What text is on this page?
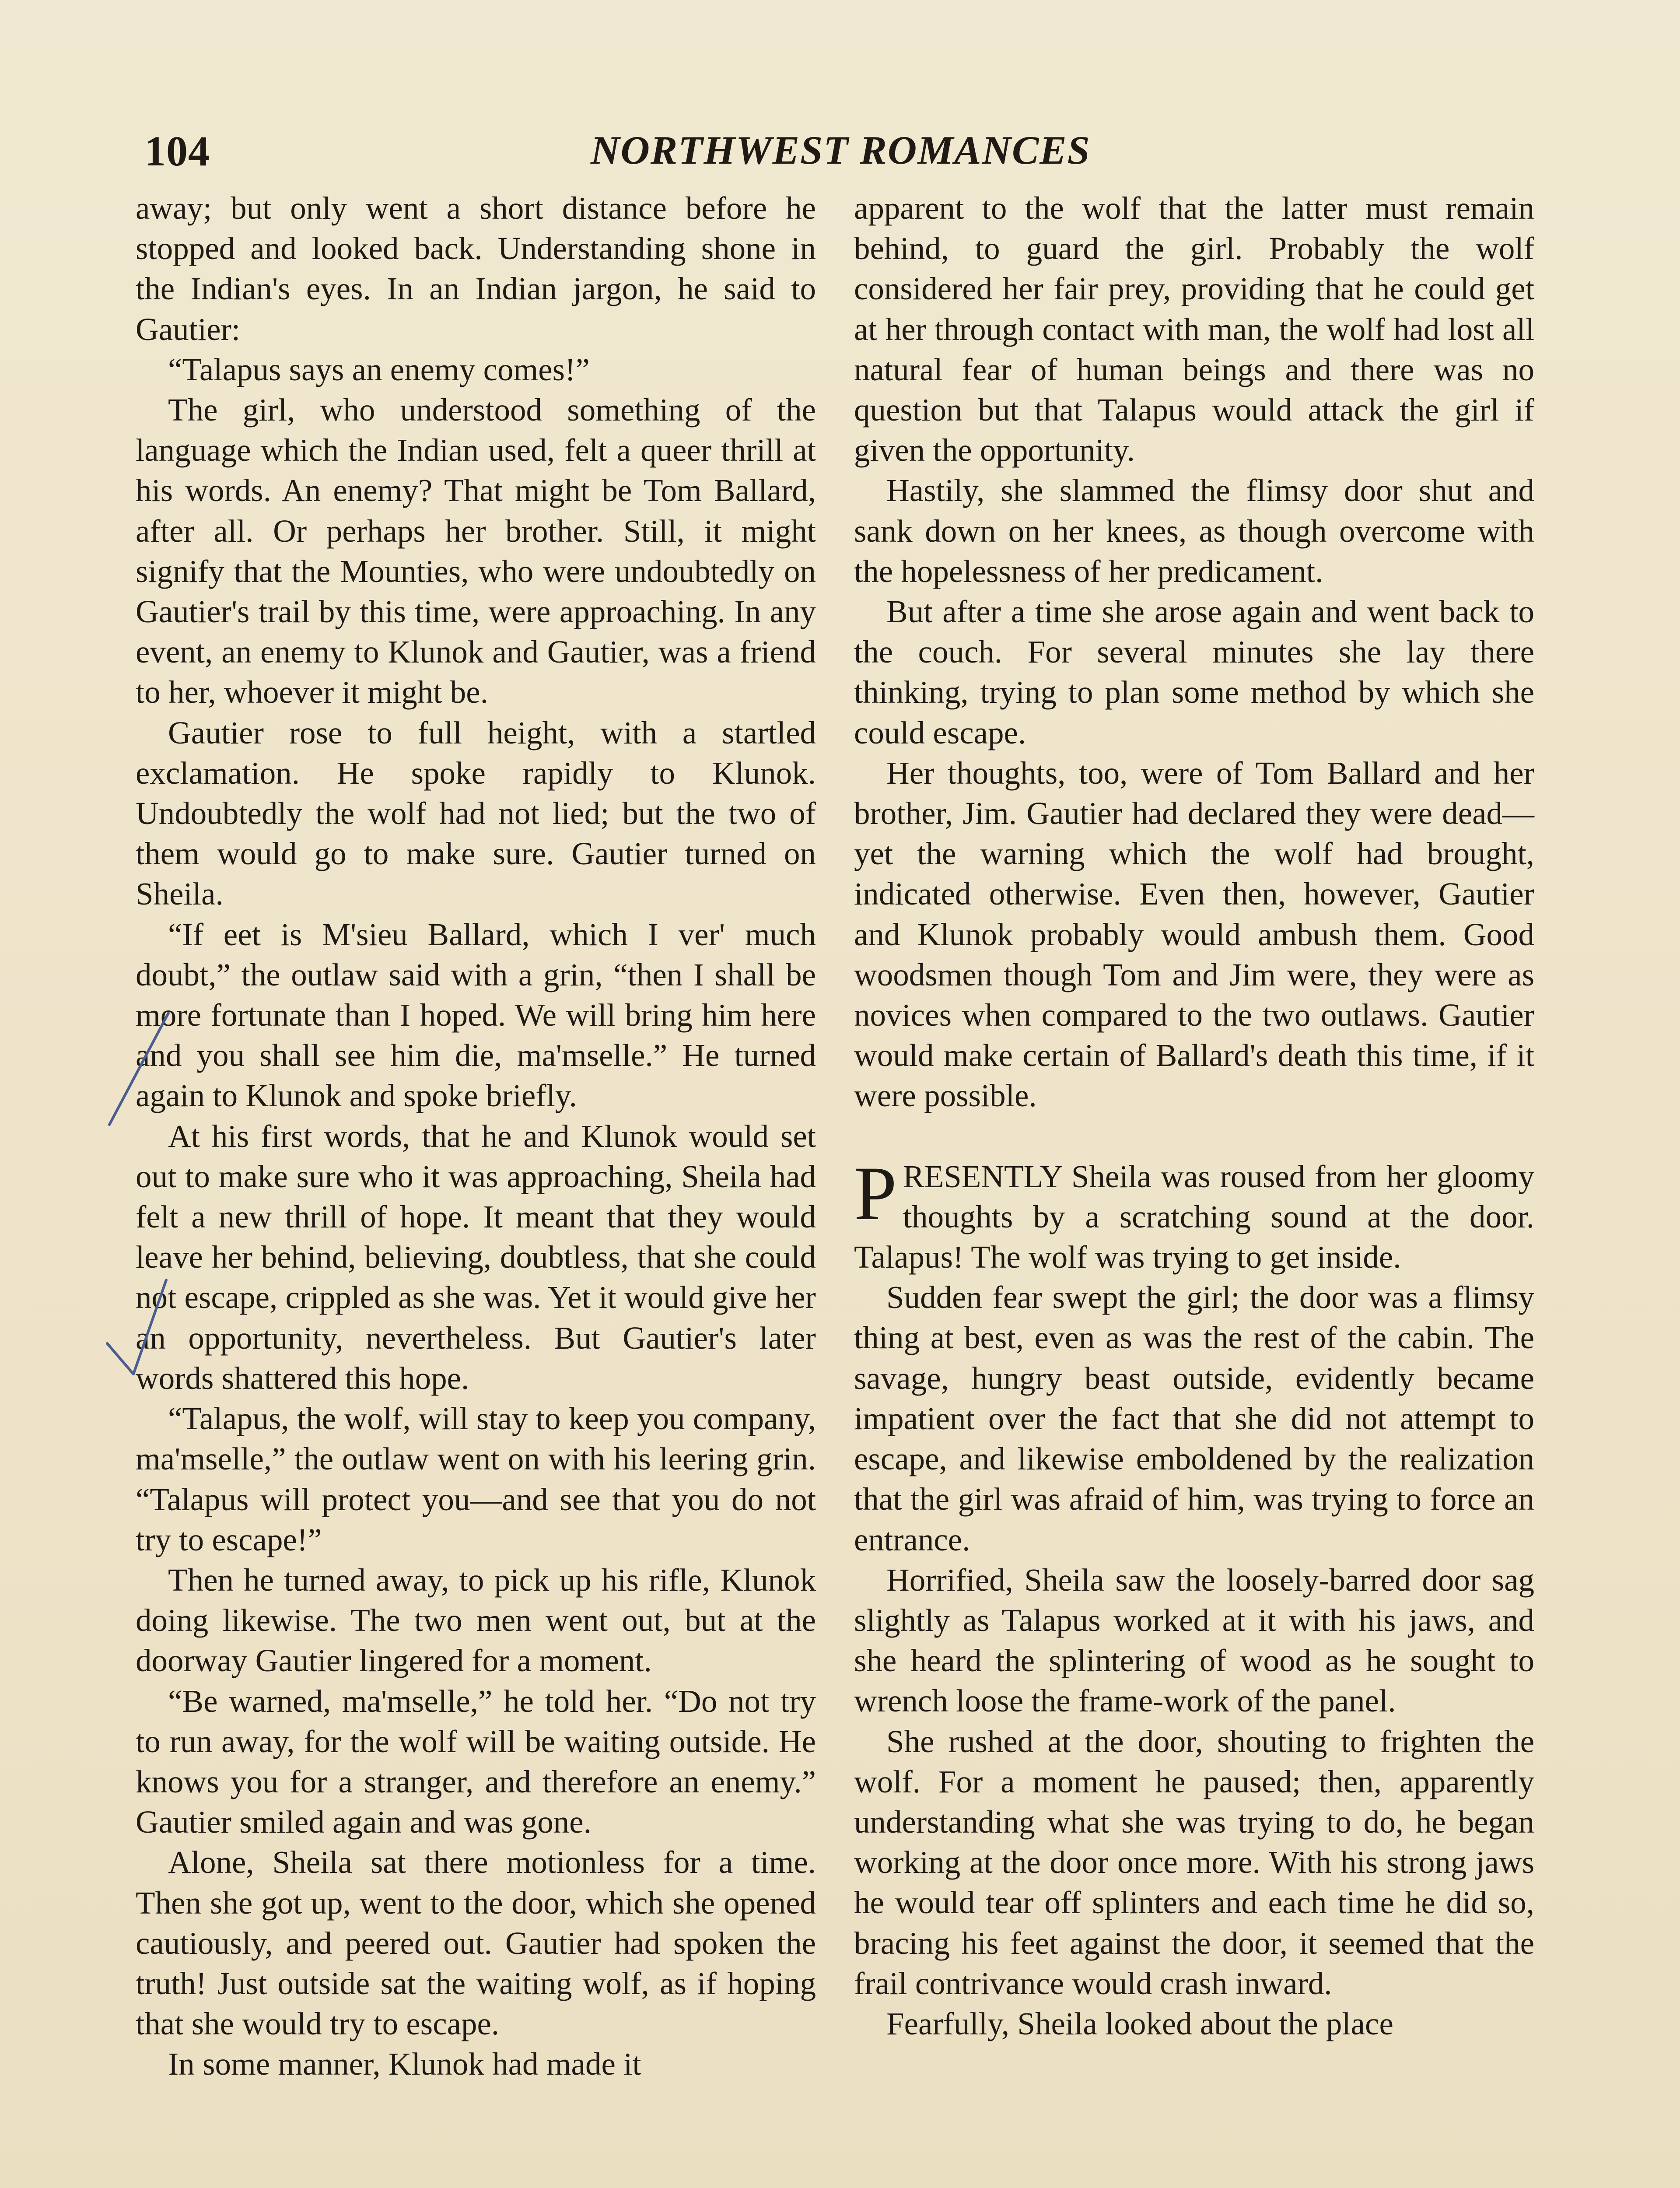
104	NORTHWEST ROMANCES

away; but only went a short distance before he stopped and looked back. Understanding shone in the Indian's eyes. In an Indian jargon, he said to Gautier:

“Talapus says an enemy comes!”

The girl, who understood something of the language which the Indian used, felt a queer thrill at his words. An enemy? That might be Tom Ballard, after all. Or perhaps her brother. Still, it might signify that the Mounties, who were undoubtedly on Gautier's trail by this time, were approaching. In any event, an enemy to Klunok and Gautier, was a friend to her, whoever it might be.

Gautier rose to full height, with a startled exclamation. He spoke rapidly to Klunok. Undoubtedly the wolf had not lied; but the two of them would go to make sure. Gautier turned on Sheila.

“If eet is M'sieu Ballard, which I ver' much doubt,” the outlaw said with a grin, “then I shall be more fortunate than I hoped. We will bring him here and you shall see him die, ma'mselle.” He turned again to Klunok and spoke briefly.

At his first words, that he and Klunok would set out to make sure who it was approaching, Sheila had felt a new thrill of hope. It meant that they would leave her behind, believing, doubtless, that she could not escape, crippled as she was. Yet it would give her an opportunity, nevertheless. But Gautier's later words shattered this hope.

“Talapus, the wolf, will stay to keep you company, ma'mselle,” the outlaw went on with his leering grin. “Talapus will protect you—and see that you do not try to escape!”

Then he turned away, to pick up his rifle, Klunok doing likewise. The two men went out, but at the doorway Gautier lingered for a moment.

“Be warned, ma'mselle,” he told her. “Do not try to run away, for the wolf will be waiting outside. He knows you for a stranger, and therefore an enemy.” Gautier smiled again and was gone.

Alone, Sheila sat there motionless for a time. Then she got up, went to the door, which she opened cautiously, and peered out. Gautier had spoken the truth! Just outside sat the waiting wolf, as if hoping that she would try to escape.

In some manner, Klunok had made it

apparent to the wolf that the latter must remain behind, to guard the girl. Probably the wolf considered her fair prey, providing that he could get at her through contact with man, the wolf had lost all natural fear of human beings and there was no question but that Talapus would attack the girl if given the opportunity.

Hastily, she slammed the flimsy door shut and sank down on her knees, as though overcome with the hopelessness of her predicament.

But after a time she arose again and went back to the couch. For several minutes she lay there thinking, trying to plan some method by which she could escape.

Her thoughts, too, were of Tom Ballard and her brother, Jim. Gautier had declared they were dead—yet the warning which the wolf had brought, indicated otherwise. Even then, however, Gautier and Klunok probably would ambush them. Good woodsmen though Tom and Jim were, they were as novices when compared to the two outlaws. Gautier would make certain of Ballard's death this time, if it were possible.

PRESENTLY Sheila was roused from her gloomy thoughts by a scratching sound at the door. Talapus! The wolf was trying to get inside.

Sudden fear swept the girl; the door was a flimsy thing at best, even as was the rest of the cabin. The savage, hungry beast outside, evidently became impatient over the fact that she did not attempt to escape, and likewise emboldened by the realization that the girl was afraid of him, was trying to force an entrance.

Horrified, Sheila saw the loosely-barred door sag slightly as Talapus worked at it with his jaws, and she heard the splintering of wood as he sought to wrench loose the frame-work of the panel.

She rushed at the door, shouting to frighten the wolf. For a moment he paused; then, apparently understanding what she was trying to do, he began working at the door once more. With his strong jaws he would tear off splinters and each time he did so, bracing his feet against the door, it seemed that the frail contrivance would crash inward.

Fearfully, Sheila looked about the place
